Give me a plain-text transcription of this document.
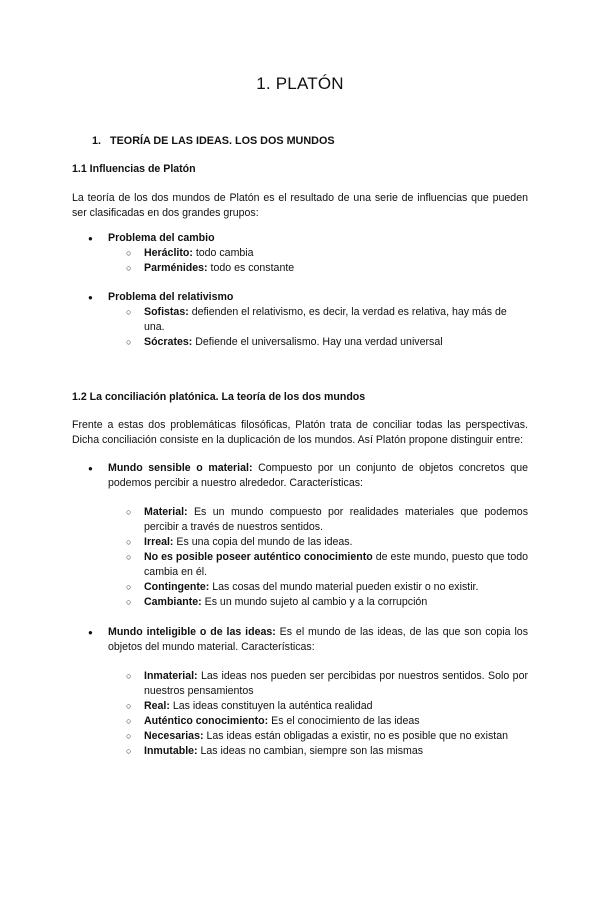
1. PLATÓN
1. TEORÍA DE LAS IDEAS. LOS DOS MUNDOS
1.1 Influencias de Platón

La teoría de los dos mundos de Platón es el resultado de una serie de influencias que pueden ser clasificadas en dos grandes grupos:

● Problema del cambio
○ Heráclito: todo cambia
○ Parménides: todo es constante
● Problema del relativismo
○ Sofistas: defienden el relativismo, es decir, la verdad es relativa, hay más de una.
○ Sócrates: Defiende el universalismo. Hay una verdad universal
1.2 La conciliación platónica. La teoría de los dos mundos

Frente a estas dos problemáticas filosóficas, Platón trata de conciliar todas las perspectivas. Dicha conciliación consiste en la duplicación de los mundos. Así Platón propone distinguir entre:

● Mundo sensible o material: Compuesto por un conjunto de objetos concretos que podemos percibir a nuestro alrededor. Características:

○ Material: Es un mundo compuesto por realidades materiales que podemos percibir a través de nuestros sentidos.

○ Irreal: Es una copia del mundo de las ideas.

○ No es posible poseer auténtico conocimiento de este mundo, puesto que todo cambia en él.

○ Contingente: Las cosas del mundo material pueden existir o no existir.

○ Cambiante: Es un mundo sujeto al cambio y a la corrupción

● Mundo inteligible o de las ideas: Es el mundo de las ideas, de las que son copia los objetos del mundo material. Características:

○ Inmaterial: Las ideas nos pueden ser percibidas por nuestros sentidos. Solo por nuestros pensamientos

○ Real: Las ideas constituyen la auténtica realidad

○ Auténtico conocimiento: Es el conocimiento de las ideas

○ Necesarias: Las ideas están obligadas a existir, no es posible que no existan

○ Inmutable: Las ideas no cambian, siempre son las mismas
